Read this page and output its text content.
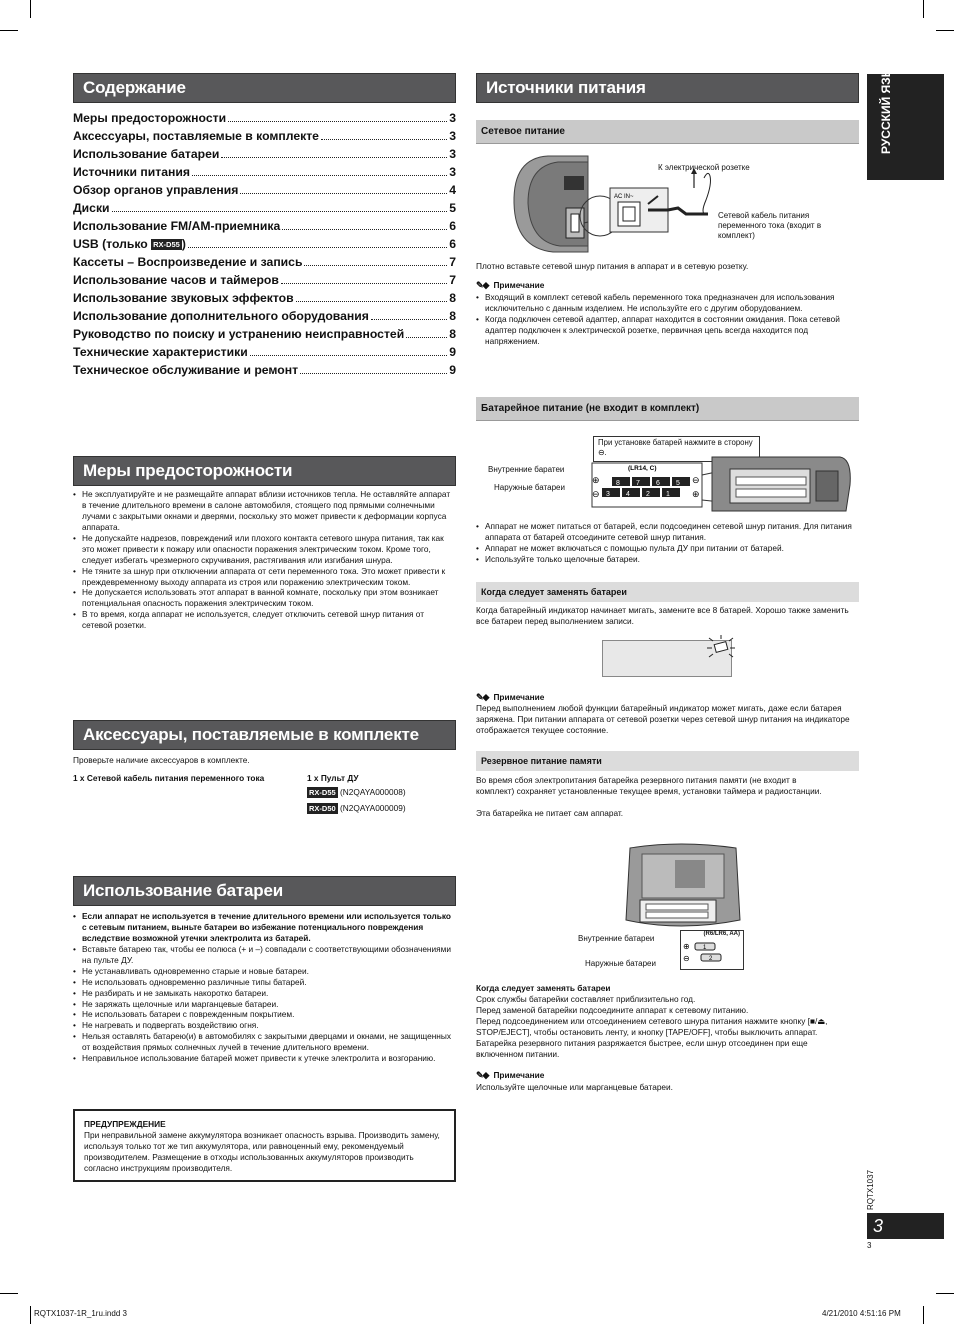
РУССКИЙ ЯЗЫК
Содержание
Меры предосторожности	3
Аксессуары, поставляемые в комплекте	3
Использование батареи	3
Источники питания	3
Обзор органов управления	4
Диски	5
Использование FM/AM-приемника	6
USB (только RX-D55 )	6
Кассеты – Воспроизведение и запись	7
Использование часов и таймеров	7
Использование звуковых эффектов	8
Использование дополнительного оборудования	8
Руководство по поиску и устранению неисправностей	8
Технические характеристики	9
Техническое обслуживание и ремонт	9
Меры предосторожности
• Не эксплуатируйте и не размещайте аппарат вблизи источников тепла. Не оставляйте аппарат в течение длительного времени в салоне автомобиля, стоящего под прямыми солнечными лучами с закрытыми окнами и дверями, поскольку это может привести к деформации корпуса аппарата.
• Не допускайте надрезов, повреждений или плохого контакта сетевого шнура питания, так как это может привести к пожару или опасности поражения электрическим током. Кроме того, следует избегать чрезмерного скручивания, растягивания или изгибания шнура.
• Не тяните за шнур при отключении аппарата от сети переменного тока. Это может привести к преждевременному выходу аппарата из строя или поражению электрическим током.
• Не допускается использовать этот аппарат в ванной комнате, поскольку при этом возникает потенциальная опасность поражения электрическим током.
• В то время, когда аппарат не используется, следует отключить сетевой шнур питания от сетевой розетки.
Аксессуары, поставляемые в комплекте
Проверьте наличие аксессуаров в комплекте.
1 x Сетевой кабель питания переменного тока	1 x Пульт ДУ
RX-D55 (N2QAYA000008)
RX-D50 (N2QAYA000009)
Использование батареи
• Если аппарат не используется в течение длительного времени или используется только с сетевым питанием, выньте батареи во избежание потенциального повреждения вследствие возможной утечки электролита из батарей.
• Вставьте батарею так, чтобы ее полюса (+ и –) совпадали с соответствующими обозначениями на пульте ДУ.
• Не устанавливать одновременно старые и новые батареи.
• Не использовать одновременно различные типы батарей.
• Не разбирать и не замыкать накоротко батареи.
• Не заряжать щелочные или марганцевые батареи.
• Не использовать батареи с поврежденным покрытием.
• Не нагревать и подвергать воздействию огня.
• Нельзя оставлять батарею(и) в автомобилях с закрытыми дверцами и окнами, не защищенных от воздействия прямых солнечных лучей в течение длительного времени.
• Неправильное использование батарей может привести к утечке электролита и возгоранию.
ПРЕДУПРЕЖДЕНИЕ
При неправильной замене аккумулятора возникает опасность взрыва. Производить замену, используя только тот же тип аккумулятора, или равноценный ему, рекомендуемый производителем. Размещение в отходы использованных аккумуляторов производить согласно инструкциям производителя.
Источники питания
Сетевое питание
AC IN~
К электрической розетке
Сетевой кабель питания переменного тока (входит в комплект)
Плотно вставьте сетевой шнур питания в аппарат и в сетевую розетку.
✎◆ Примечание
• Входящий в комплект сетевой кабель переменного тока предназначен для использования исключительно с данным изделием. Не используйте его с другим оборудованием.
• Когда подключен сетевой адаптер, аппарат находится в состоянии ожидания. Пока сетевой адаптер подключен к электрической розетке, первичная цепь всегда находится под напряжением.
Батарейное питание (не входит в комплект)
При установке батарей нажмите в сторону ⊖.
Внутренние баратеи
Наружные батареи
(LR14, C)
⊕
⊖
⊖
⊕
8 7 6 5
3 4 2 1
• Аппарат не может питаться от батарей, если подсоединен сетевой шнур питания. Для питания аппарата от батарей отсоедините сетевой шнур питания.
• Аппарат не может включаться с помощью пульта ДУ при питании от батарей.
• Используйте только щелочные батареи.
Когда следует заменять батареи
Когда батарейный индикатор начинает мигать, замените все 8 батарей. Хорошо также заменить все батареи перед выполнением записи.
✎◆ Примечание
Перед выполнением любой функции батарейный индикатор может мигать, даже если батарея заряжена. При питании аппарата от сетевой розетки через сетевой шнур питания на индикаторе отображается текущее состояние.
Резервное питание памяти
Во время сбоя электропитания батарейка резервного питания памяти (не входит в комплект) сохраняет установленные текущее время, установки таймера и радиостанции.
Эта батарейка не питает сам аппарат.
Внутренние батареи
Наружные батареи
(R6/LR6, AA)
⊕
⊖
1
2
Когда следует заменять батареи
Срок службы батарейки составляет приблизительно год.
Перед заменой батарейки подсоедините аппарат к сетевому питанию.
Перед подсоединением или отсоединением сетевого шнура питания нажмите кнопку [■/⏏, STOP/EJECT], чтобы остановить ленту, и кнопку [TAPE/OFF], чтобы выключить аппарат. Батарейка резервного питания разряжается быстрее, если шнур отсоединен при еще включенном питании.
✎◆ Примечание
Используйте щелочные или марганцевые батареи.
RQTX1037
3
3
RQTX1037-1R_1ru.indd 3	4/21/2010 4:51:16 PM
